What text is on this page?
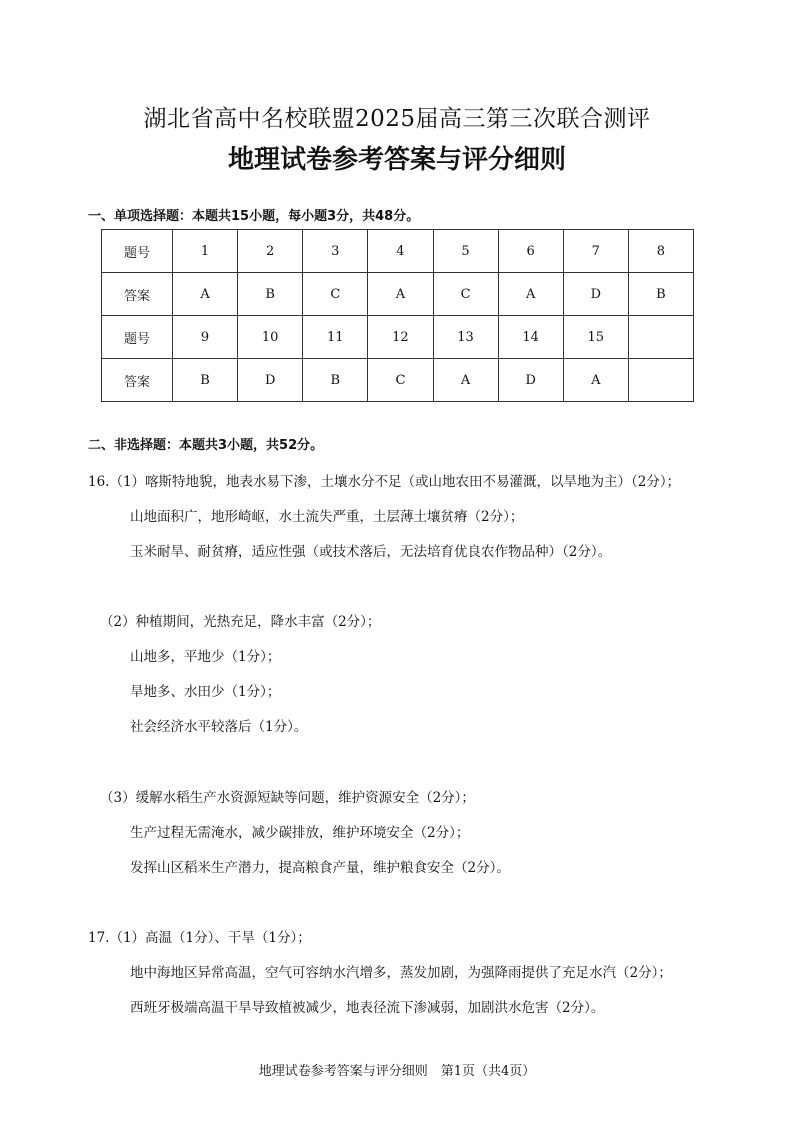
湖北省高中名校联盟2025届高三第三次联合测评
地理试卷参考答案与评分细则
一、单项选择题：本题共15小题，每小题3分，共48分。
题号	1	2	3	4	5	6	7	8
答案	A	B	C	A	C	A	D	B
题号	9	10	11	12	13	14	15	
答案	B	D	B	C	A	D	A	
二、非选择题：本题共3小题，共52分。
16.（1）喀斯特地貌，地表水易下渗，土壤水分不足（或山地农田不易灌溉，以旱地为主）（2分）；
山地面积广，地形崎岖，水土流失严重，土层薄土壤贫瘠（2分）；
玉米耐旱、耐贫瘠，适应性强（或技术落后，无法培育优良农作物品种）（2分）。
（2）种植期间，光热充足，降水丰富（2分）；
山地多，平地少（1分）；
旱地多、水田少（1分）；
社会经济水平较落后（1分）。
（3）缓解水稻生产水资源短缺等问题，维护资源安全（2分）；
生产过程无需淹水，减少碳排放，维护环境安全（2分）；
发挥山区稻米生产潜力，提高粮食产量，维护粮食安全（2分）。
17.（1）高温（1分）、干旱（1分）；
地中海地区异常高温，空气可容纳水汽增多，蒸发加剧，为强降雨提供了充足水汽（2分）；
西班牙极端高温干旱导致植被减少，地表径流下渗减弱，加剧洪水危害（2分）。
地理试卷参考答案与评分细则　第1页（共4页）
